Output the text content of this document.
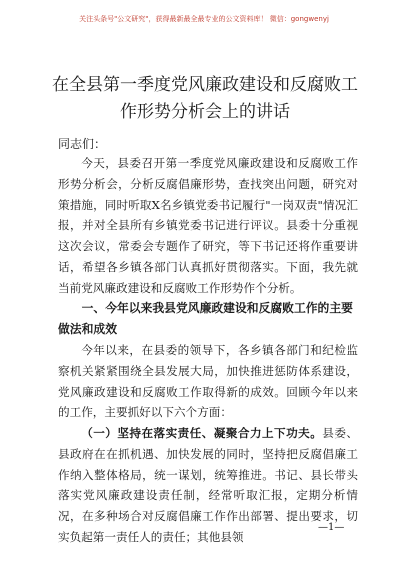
关注头条号"公文研究"，获得最新最全最专业的公文资料库！ 微信：gongwenyj
在全县第一季度党风廉政建设和反腐败工作形势分析会上的讲话
同志们：

今天，县委召开第一季度党风廉政建设和反腐败工作形势分析会，分析反腐倡廉形势，查找突出问题，研究对策措施，同时听取X名乡镇党委书记履行"一岗双责"情况汇报，并对全县所有乡镇党委书记进行评议。县委十分重视这次会议，常委会专题作了研究，等下书记还将作重要讲话，希望各乡镇各部门认真抓好贯彻落实。下面，我先就当前党风廉政建设和反腐败工作形势作个分析。

一、今年以来我县党风廉政建设和反腐败工作的主要做法和成效

今年以来，在县委的领导下，各乡镇各部门和纪检监察机关紧紧围绕全县发展大局，加快推进惩防体系建设，党风廉政建设和反腐败工作取得新的成效。回顾今年以来的工作，主要抓好以下六个方面：

（一）坚持在落实责任、凝聚合力上下功夫。县委、县政府在在抓机遇、加快发展的同时，坚持把反腐倡廉工作纳入整体格局，统一谋划，统筹推进。书记、县长带头落实党风廉政建设责任制，经常听取汇报，定期分析情况，在多种场合对反腐倡廉工作作出部署、提出要求，切实负起第一责任人的责任；其他县领

—1—
